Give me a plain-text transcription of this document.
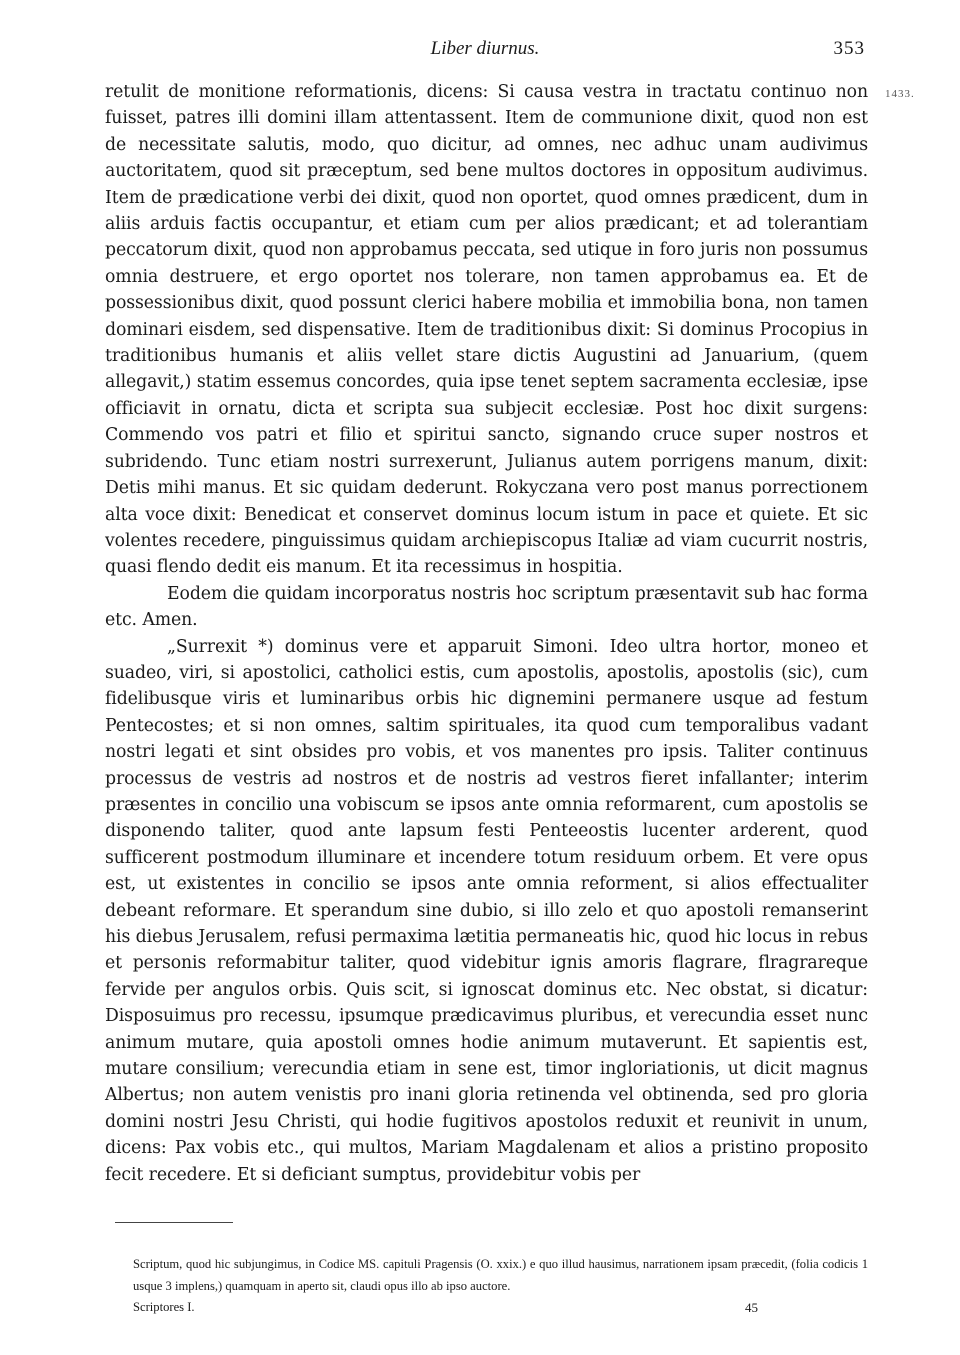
Liber diurnus.	353
1433.

retulit de monitione reformationis, dicens: Si causa vestra in tractatu continuo non fuisset, patres illi domini illam attentassent. Item de communione dixit, quod non est de necessitate salutis, modo, quo dicitur, ad omnes, nec adhuc unam audivimus auctoritatem, quod sit præceptum, sed bene multos doctores in oppositum audivimus. Item de prædicatione verbi dei dixit, quod non oportet, quod omnes prædicent, dum in aliis arduis factis occupantur, et etiam cum per alios prædicant; et ad tolerantiam peccatorum dixit, quod non approbamus peccata, sed utique in foro juris non possumus omnia destruere, et ergo oportet nos tolerare, non tamen approbamus ea. Et de possessionibus dixit, quod possunt clerici habere mobilia et immobilia bona, non tamen dominari eisdem, sed dispensative. Item de traditionibus dixit: Si dominus Procopius in traditionibus humanis et aliis vellet stare dictis Augustini ad Januarium, (quem allegavit,) statim essemus concordes, quia ipse tenet septem sacramenta ecclesiæ, ipse officiavit in ornatu, dicta et scripta sua subjecit ecclesiæ. Post hoc dixit surgens: Commendo vos patri et filio et spiritui sancto, signando cruce super nostros et subridendo. Tunc etiam nostri surrexerunt, Julianus autem porrigens manum, dixit: Detis mihi manus. Et sic quidam dederunt. Rokyczana vero post manus porrectionem alta voce dixit: Benedicat et conservet dominus locum istum in pace et quiete. Et sic volentes recedere, pinguissimus quidam archiepiscopus Italiæ ad viam cucurrit nostris, quasi flendo dedit eis manum. Et ita recessimus in hospitia.

Eodem die quidam incorporatus nostris hoc scriptum præsentavit sub hac forma etc. Amen.

„Surrexit *) dominus vere et apparuit Simoni. Ideo ultra hortor, moneo et suadeo, viri, si apostolici, catholici estis, cum apostolis, apostolis, apostolis (sic), cum fidelibusque viris et luminaribus orbis hic dignemini permanere usque ad festum Pentecostes; et si non omnes, saltim spirituales, ita quod cum temporalibus vadant nostri legati et sint obsides pro vobis, et vos manentes pro ipsis. Taliter continuus processus de vestris ad nostros et de nostris ad vestros fieret infallanter; interim præsentes in concilio una vobiscum se ipsos ante omnia reformarent, cum apostolis se disponendo taliter, quod ante lapsum festi Penteeostis lucenter arderent, quod sufficerent postmodum illuminare et incendere totum residuum orbem. Et vere opus est, ut existentes in concilio se ipsos ante omnia reforment, si alios effectualiter debeant reformare. Et sperandum sine dubio, si illo zelo et quo apostoli remanserint his diebus Jerusalem, refusi permaxima lætitia permaneatis hic, quod hic locus in rebus et personis reformabitur taliter, quod videbitur ignis amoris flagrare, flragrareque fervide per angulos orbis. Quis scit, si ignoscat dominus etc. Nec obstat, si dicatur: Disposuimus pro recessu, ipsumque prædicavimus pluribus, et verecundia esset nunc animum mutare, quia apostoli omnes hodie animum mutaverunt. Et sapientis est, mutare consilium; verecundia etiam in sene est, timor ingloriationis, ut dicit magnus Albertus; non autem venistis pro inani gloria retinenda vel obtinenda, sed pro gloria domini nostri Jesu Christi, qui hodie fugitivos apostolos reduxit et reunivit in unum, dicens: Pax vobis etc., qui multos, Mariam Magdalenam et alios a pristino proposito fecit recedere. Et si deficiant sumptus, providebitur vobis per

Scriptum, quod hic subjungimus, in Codice MS. capituli Pragensis (O. xxix.) e quo illud hausimus, narrationem ipsam præcedit, (folia codicis 1 usque 3 implens,) quamquam in aperto sit, claudi opus illo ab ipso auctore.
Scriptores I.	45
